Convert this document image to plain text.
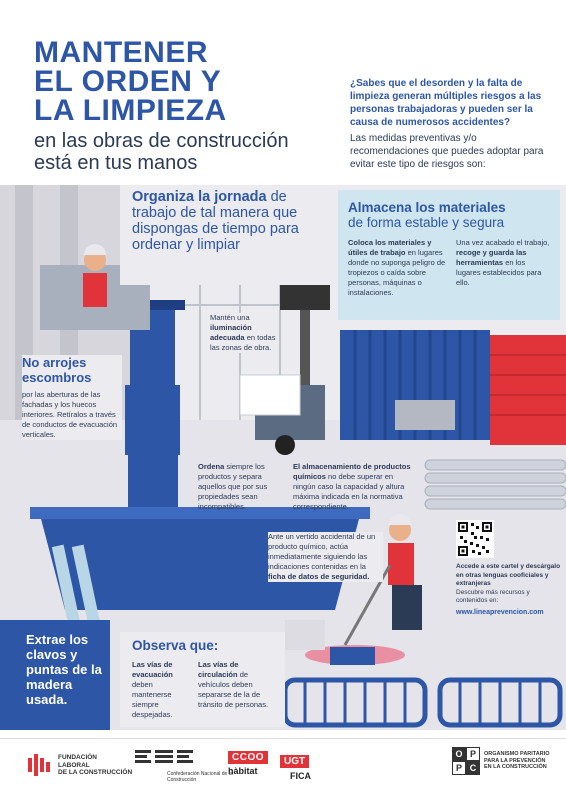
MANTENER
EL ORDEN Y
LA LIMPIEZA
en las obras de construcción
está en tus manos
¿Sabes que el desorden y la falta de limpieza generan múltiples riesgos a las personas trabajadoras y pueden ser la causa de numerosos accidentes?
Las medidas preventivas y/o recomendaciones que puedes adoptar para evitar este tipo de riesgos son:
Organiza la jornada de trabajo de tal manera que dispongas de tiempo para ordenar y limpiar
Almacena los materiales
de forma estable y segura
Coloca los materiales y útiles de trabajo en lugares donde no suponga peligro de tropiezos o caída sobre personas, máquinas o instalaciones.
Una vez acabado el trabajo, recoge y guarda las herramientas en los lugares establecidos para ello.
Mantén una iluminación adecuada en todas las zonas de obra.
No arrojes escombros
por las aberturas de las fachadas y los huecos interiores. Retíralos a través de conductos de evacuación verticales.
Ordena siempre los productos y separa aquellos que por sus propiedades sean incompatibles.
El almacenamiento de productos químicos no debe superar en ningún caso la capacidad y altura máxima indicada en la normativa correspondiente.
Ante un vertido accidental de un producto químico, actúa inmediatamente siguiendo las indicaciones contenidas en la ficha de datos de seguridad.
Accede a este cartel y descárgalo en otras lenguas cooficiales y extranjeras
Descubre más recursos y contenidos en:
www.lineaprevencion.com
Extrae los clavos y puntas de la madera usada.
Observa que:
Las vías de evacuación deben mantenerse siempre despejadas.
Las vías de circulación de vehículos deben separarse de la de tránsito de personas.
FUNDACIÓN
LABORAL
DE LA CONSTRUCCIÓN	Confederación Nacional de la Construcción
CCOO
hàbitat
UGT
FICA
O P
P C
ORGANISMO PARITARIO
PARA LA PREVENCIÓN
EN LA CONSTRUCCIÓN
